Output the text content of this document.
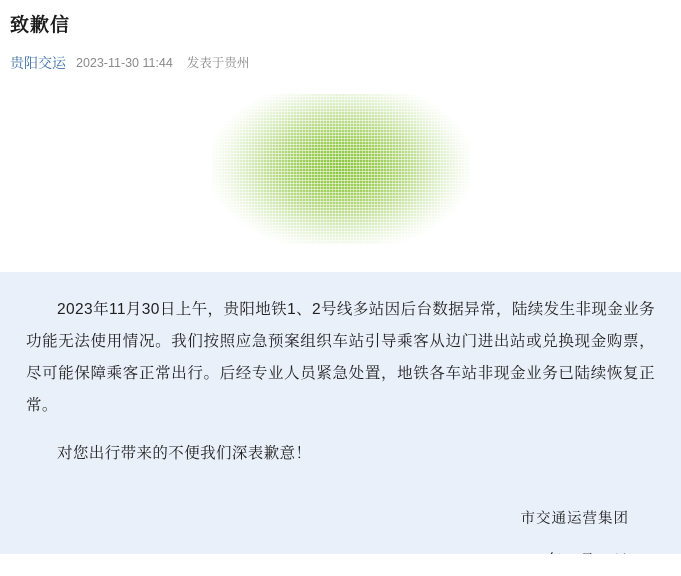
致歉信
贵阳交运 2023-11-30 11:44 发表于贵州

2023年11月30日上午，贵阳地铁1、2号线多站因后台数据异常，陆续发生非现金业务功能无法使用情况。我们按照应急预案组织车站引导乘客从边门进出站或兑换现金购票，尽可能保障乘客正常出行。后经专业人员紧急处置，地铁各车站非现金业务已陆续恢复正常。

对您出行带来的不便我们深表歉意！

市交通运营集团
